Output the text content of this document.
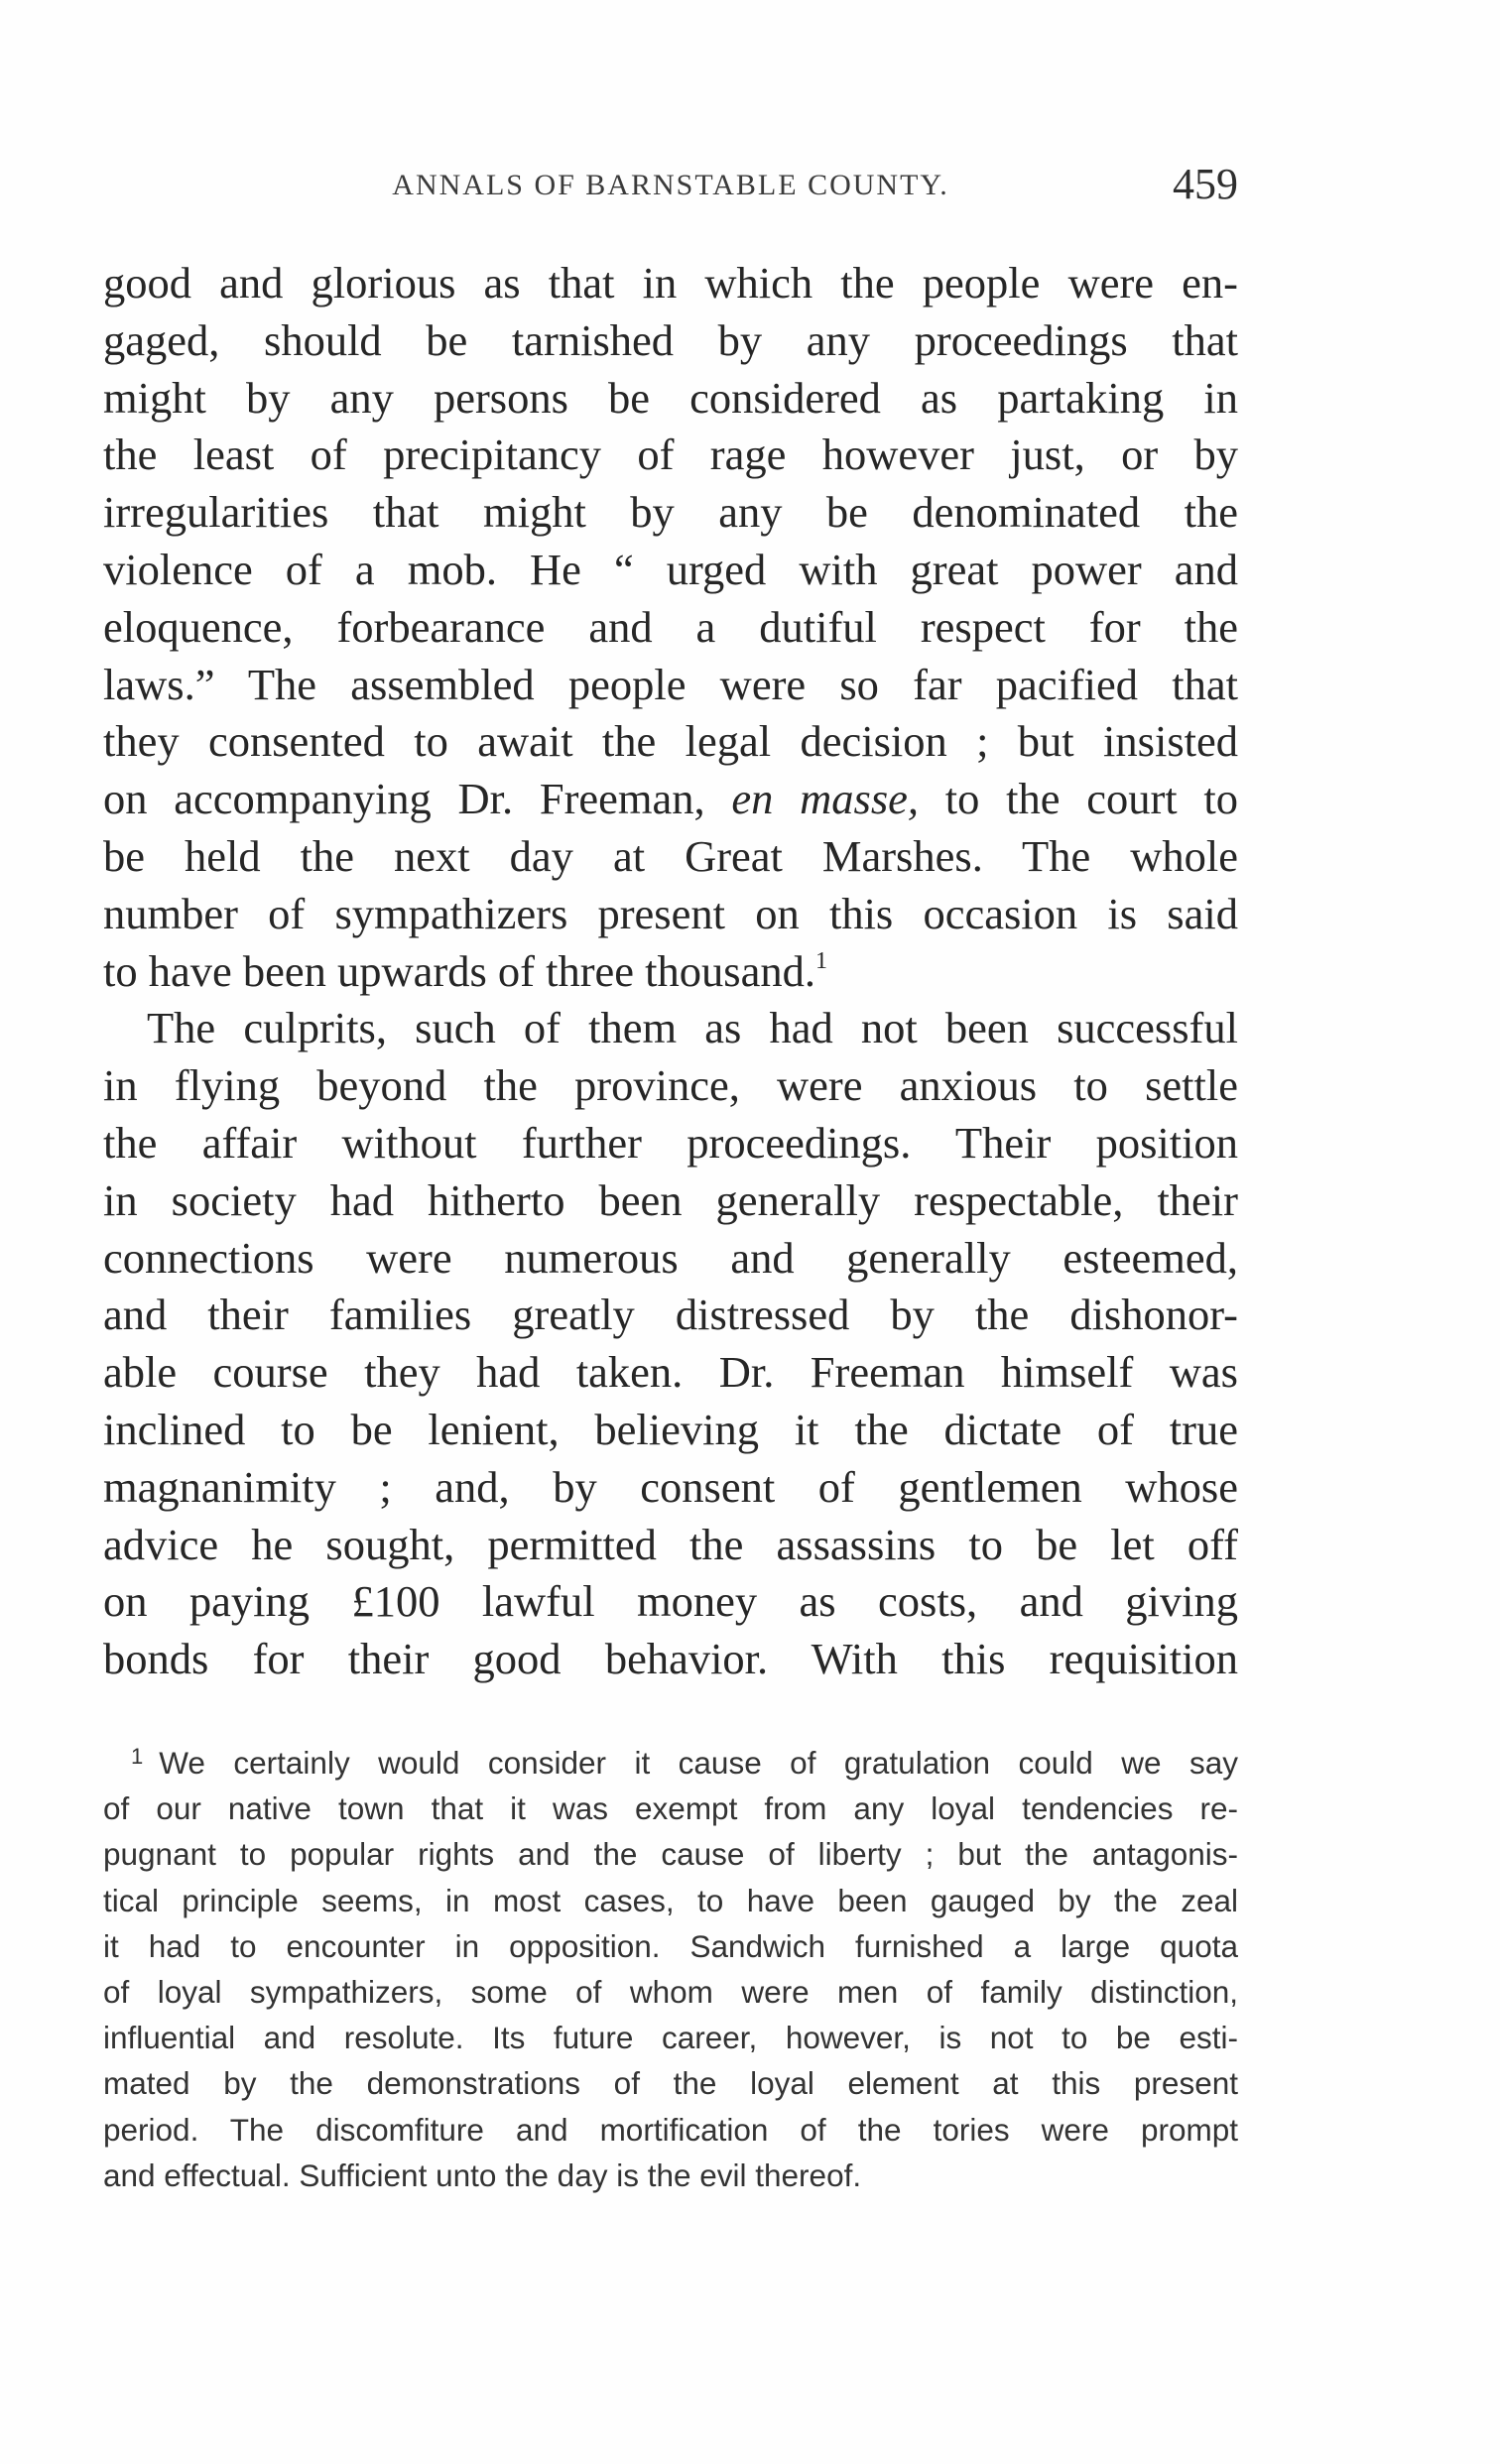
ANNALS OF BARNSTABLE COUNTY.	459
good and glorious as that in which the people were en-
gaged, should be tarnished by any proceedings that
might by any persons be considered as partaking in
the least of precipitancy of rage however just, or by
irregularities that might by any be denominated the
violence of a mob. He “ urged with great power and
eloquence, forbearance and a dutiful respect for the
laws.” The assembled people were so far pacified that
they consented to await the legal decision ; but insisted
on accompanying Dr. Freeman, en masse, to the court to
be held the next day at Great Marshes. The whole
number of sympathizers present on this occasion is said
to have been upwards of three thousand.$^1$
The culprits, such of them as had not been successful
in flying beyond the province, were anxious to settle
the affair without further proceedings. Their position
in society had hitherto been generally respectable, their
connections were numerous and generally esteemed,
and their families greatly distressed by the dishonor-
able course they had taken. Dr. Freeman himself was
inclined to be lenient, believing it the dictate of true
magnanimity ; and, by consent of gentlemen whose
advice he sought, permitted the assassins to be let off
on paying £100 lawful money as costs, and giving
bonds for their good behavior. With this requisition
$^1$ We certainly would consider it cause of gratulation could we say
of our native town that it was exempt from any loyal tendencies re-
pugnant to popular rights and the cause of liberty ; but the antagonis-
tical principle seems, in most cases, to have been gauged by the zeal
it had to encounter in opposition. Sandwich furnished a large quota
of loyal sympathizers, some of whom were men of family distinction,
influential and resolute. Its future career, however, is not to be esti-
mated by the demonstrations of the loyal element at this present
period. The discomfiture and mortification of the tories were prompt
and effectual. Sufficient unto the day is the evil thereof.
